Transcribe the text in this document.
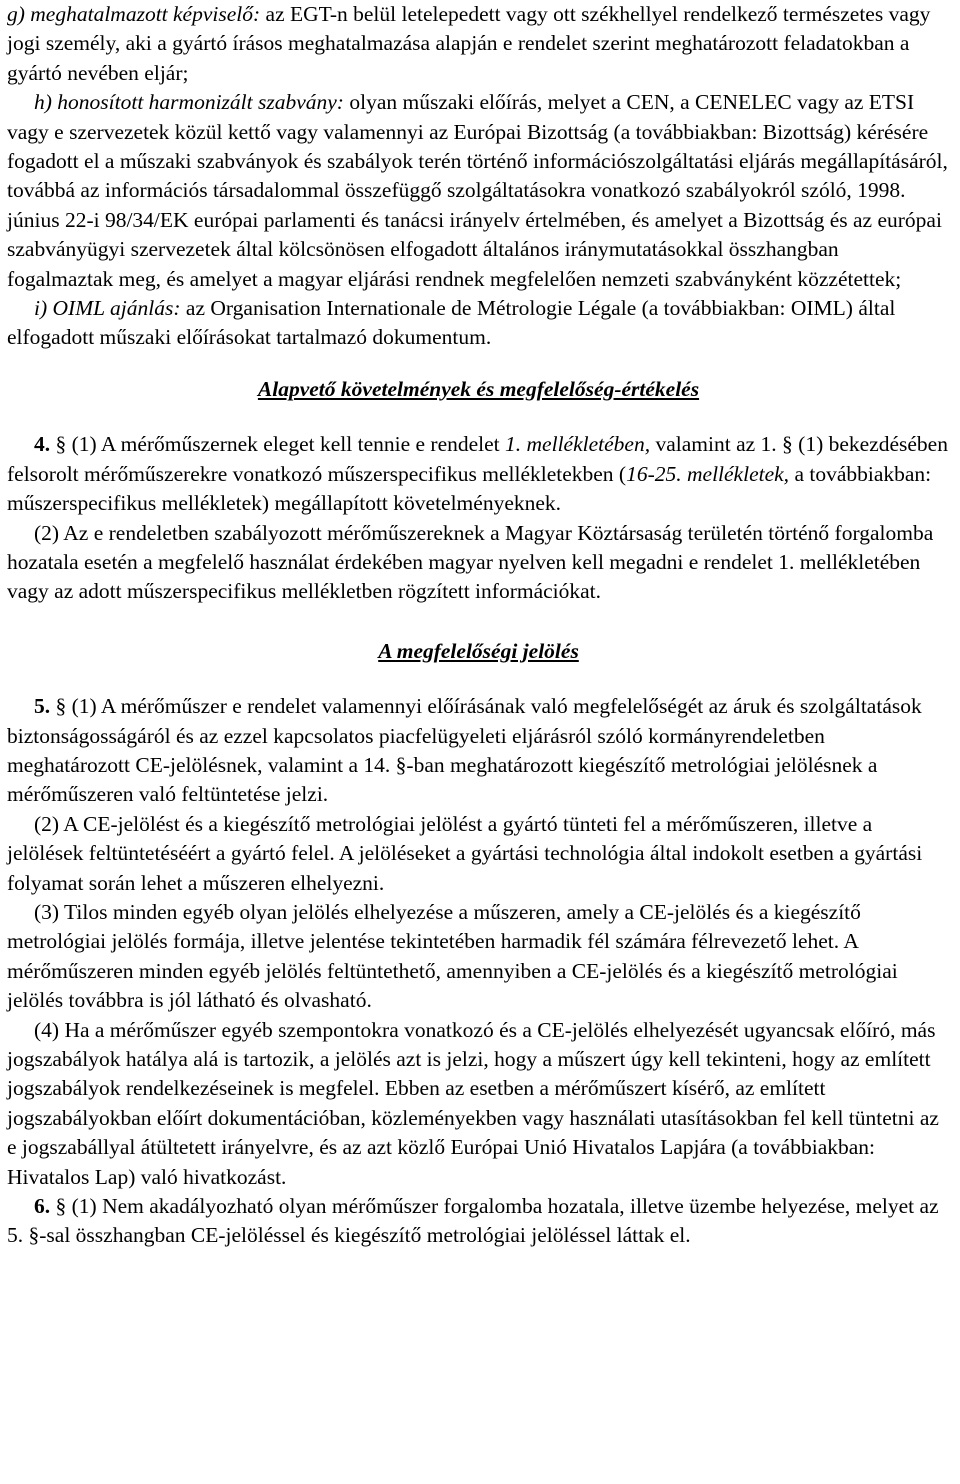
g) meghatalmazott képviselő: az EGT-n belül letelepedett vagy ott székhellyel rendelkező természetes vagy jogi személy, aki a gyártó írásos meghatalmazása alapján e rendelet szerint meghatározott feladatokban a gyártó nevében eljár;

h) honosított harmonizált szabvány: olyan műszaki előírás, melyet a CEN, a CENELEC vagy az ETSI vagy e szervezetek közül kettő vagy valamennyi az Európai Bizottság (a továbbiakban: Bizottság) kérésére fogadott el a műszaki szabványok és szabályok terén történő információszolgáltatási eljárás megállapításáról, továbbá az információs társadalommal összefüggő szolgáltatásokra vonatkozó szabályokról szóló, 1998. június 22-i 98/34/EK európai parlamenti és tanácsi irányelv értelmében, és amelyet a Bizottság és az európai szabványügyi szervezetek által kölcsönösen elfogadott általános iránymutatásokkal összhangban fogalmaztak meg, és amelyet a magyar eljárási rendnek megfelelően nemzeti szabványként közzétettek;

i) OIML ajánlás: az Organisation Internationale de Métrologie Légale (a továbbiakban: OIML) által elfogadott műszaki előírásokat tartalmazó dokumentum.

Alapvető követelmények és megfelelőség-értékelés

4. § (1) A mérőműszernek eleget kell tennie e rendelet 1. mellékletében, valamint az 1. § (1) bekezdésében felsorolt mérőműszerekre vonatkozó műszerspecifikus mellékletekben (16-25. mellékletek, a továbbiakban: műszerspecifikus mellékletek) megállapított követelményeknek.

(2) Az e rendeletben szabályozott mérőműszereknek a Magyar Köztársaság területén történő forgalomba hozatala esetén a megfelelő használat érdekében magyar nyelven kell megadni e rendelet 1. mellékletében vagy az adott műszerspecifikus mellékletben rögzített információkat.

A megfelelőségi jelölés

5. § (1) A mérőműszer e rendelet valamennyi előírásának való megfelelőségét az áruk és szolgáltatások biztonságosságáról és az ezzel kapcsolatos piacfelügyeleti eljárásról szóló kormányrendeletben meghatározott CE-jelölésnek, valamint a 14. §-ban meghatározott kiegészítő metrológiai jelölésnek a mérőműszeren való feltüntetése jelzi.

(2) A CE-jelölést és a kiegészítő metrológiai jelölést a gyártó tünteti fel a mérőműszeren, illetve a jelölések feltüntetéséért a gyártó felel. A jelöléseket a gyártási technológia által indokolt esetben a gyártási folyamat során lehet a műszeren elhelyezni.

(3) Tilos minden egyéb olyan jelölés elhelyezése a műszeren, amely a CE-jelölés és a kiegészítő metrológiai jelölés formája, illetve jelentése tekintetében harmadik fél számára félrevezető lehet. A mérőműszeren minden egyéb jelölés feltüntethető, amennyiben a CE-jelölés és a kiegészítő metrológiai jelölés továbbra is jól látható és olvasható.

(4) Ha a mérőműszer egyéb szempontokra vonatkozó és a CE-jelölés elhelyezését ugyancsak előíró, más jogszabályok hatálya alá is tartozik, a jelölés azt is jelzi, hogy a műszert úgy kell tekinteni, hogy az említett jogszabályok rendelkezéseinek is megfelel. Ebben az esetben a mérőműszert kísérő, az említett jogszabályokban előírt dokumentációban, közleményekben vagy használati utasításokban fel kell tüntetni az e jogszabállyal átültetett irányelvre, és az azt közlő Európai Unió Hivatalos Lapjára (a továbbiakban: Hivatalos Lap) való hivatkozást.

6. § (1) Nem akadályozható olyan mérőműszer forgalomba hozatala, illetve üzembe helyezése, melyet az 5. §-sal összhangban CE-jelöléssel és kiegészítő metrológiai jelöléssel láttak el.
